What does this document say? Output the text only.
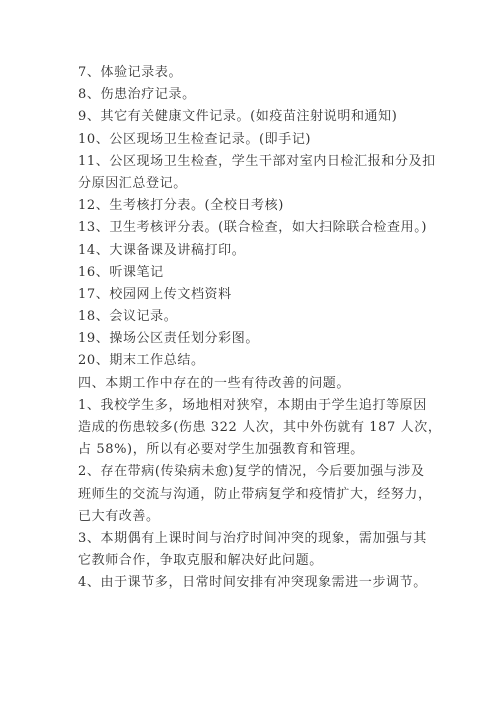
7、体验记录表。
8、伤患治疗记录。
9、其它有关健康文件记录。(如疫苗注射说明和通知)
10、公区现场卫生检查记录。(即手记)
11、公区现场卫生检查，学生干部对室内日检汇报和分及扣
分原因汇总登记。
12、生考核打分表。(全校日考核)
13、卫生考核评分表。(联合检查，如大扫除联合检查用。)
14、大课备课及讲稿打印。
16、听课笔记
17、校园网上传文档资料
18、会议记录。
19、操场公区责任划分彩图。
20、期末工作总结。
四、本期工作中存在的一些有待改善的问题。
1、我校学生多，场地相对狭窄，本期由于学生追打等原因
造成的伤患较多(伤患 322 人次，其中外伤就有 187 人次，
占 58%)，所以有必要对学生加强教育和管理。
2、存在带病(传染病未愈)复学的情况，今后要加强与涉及
班师生的交流与沟通，防止带病复学和疫情扩大，经努力，
已大有改善。
3、本期偶有上课时间与治疗时间冲突的现象，需加强与其
它教师合作，争取克服和解决好此问题。
4、由于课节多，日常时间安排有冲突现象需进一步调节。
